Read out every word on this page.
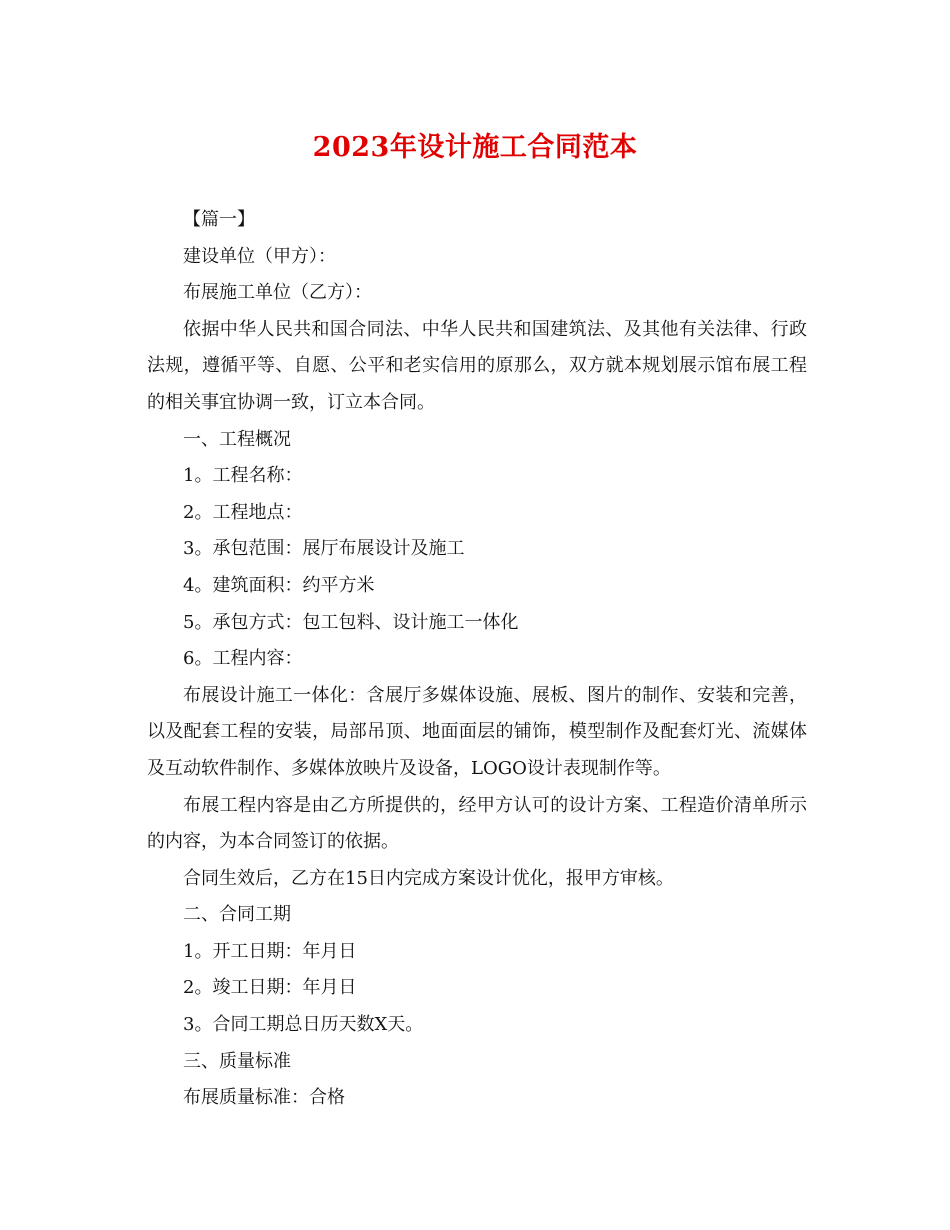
2023年设计施工合同范本

【篇一】

建设单位（甲方）：

布展施工单位（乙方）：

依据中华人民共和国合同法、中华人民共和国建筑法、及其他有关法律、行政法规，遵循平等、自愿、公平和老实信用的原那么，双方就本规划展示馆布展工程的相关事宜协调一致，订立本合同。

一、工程概况

1。工程名称：

2。工程地点：

3。承包范围：展厅布展设计及施工

4。建筑面积：约平方米

5。承包方式：包工包料、设计施工一体化

6。工程内容：

布展设计施工一体化：含展厅多媒体设施、展板、图片的制作、安装和完善，以及配套工程的安装，局部吊顶、地面面层的铺饰，模型制作及配套灯光、流媒体及互动软件制作、多媒体放映片及设备，LOGO设计表现制作等。

布展工程内容是由乙方所提供的，经甲方认可的设计方案、工程造价清单所示的内容，为本合同签订的依据。

合同生效后，乙方在15日内完成方案设计优化，报甲方审核。

二、合同工期

1。开工日期：年月日

2。竣工日期：年月日

3。合同工期总日历天数X天。

三、质量标准

布展质量标准：合格
